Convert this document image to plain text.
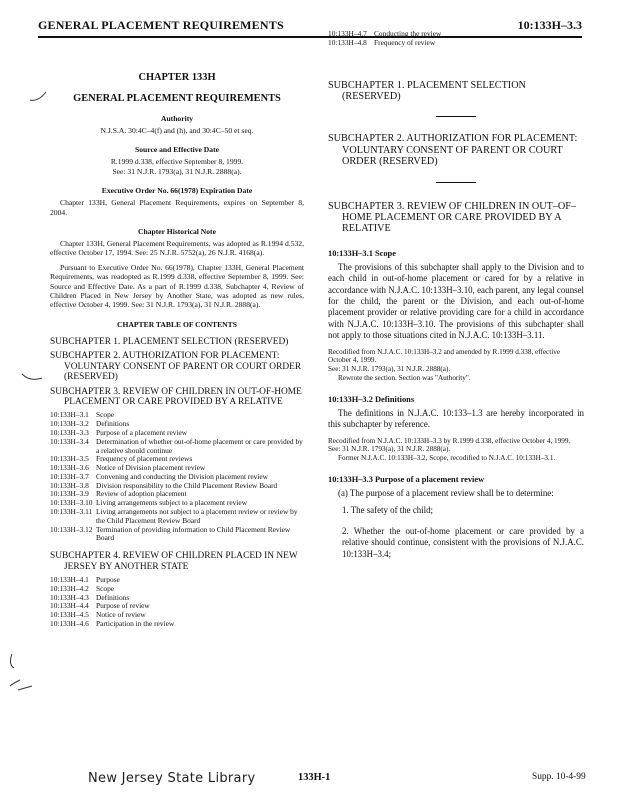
GENERAL PLACEMENT REQUIREMENTS	10:133H–3.3
CHAPTER 133H
GENERAL PLACEMENT REQUIREMENTS
Authority
N.J.S.A. 30:4C–4(f) and (h), and 30:4C–50 et seq.
Source and Effective Date
R.1999 d.338, effective September 8, 1999.
See: 31 N.J.R. 1793(a), 31 N.J.R. 2888(a).
Executive Order No. 66(1978) Expiration Date
Chapter 133H, General Placement Requirements, expires on September 8, 2004.
Chapter Historical Note
Chapter 133H, General Placement Requirements, was adopted as R.1994 d.532, effective October 17, 1994. See: 25 N.J.R. 5752(a), 26 N.J.R. 4168(a).
Pursuant to Executive Order No. 66(1978), Chapter 133H, General Placement Requirements, was readopted as R.1999 d.338, effective September 8, 1999. See: Source and Effective Date. As a part of R.1999 d.338, Subchapter 4, Review of Children Placed in New Jersey by Another State, was adopted as new rules, effective October 4, 1999. See: 31 N.J.R. 1793(a), 31 N.J.R. 2888(a).
CHAPTER TABLE OF CONTENTS
SUBCHAPTER 1. PLACEMENT SELECTION (RESERVED)
SUBCHAPTER 2. AUTHORIZATION FOR PLACEMENT: VOLUNTARY CONSENT OF PARENT OR COURT ORDER (RESERVED)
SUBCHAPTER 3. REVIEW OF CHILDREN IN OUT-OF-HOME PLACEMENT OR CARE PROVIDED BY A RELATIVE
10:133H–3.1 Scope
10:133H–3.2 Definitions
10:133H–3.3 Purpose of a placement review
10:133H–3.4 Determination of whether out-of-home placement or care provided by a relative should continue
10:133H–3.5 Frequency of placement reviews
10:133H–3.6 Notice of Division placement review
10:133H–3.7 Convening and conducting the Division placement review
10:133H–3.8 Division responsibility to the Child Placement Review Board
10:133H–3.9 Review of adoption placement
10:133H–3.10 Living arrangements subject to a placement review
10:133H–3.11 Living arrangements not subject to a placement review or review by the Child Placement Review Board
10:133H–3.12 Termination of providing information to Child Placement Review Board
SUBCHAPTER 4. REVIEW OF CHILDREN PLACED IN NEW JERSEY BY ANOTHER STATE
10:133H–4.1 Purpose
10:133H–4.2 Scope
10:133H–4.3 Definitions
10:133H–4.4 Purpose of review
10:133H–4.5 Notice of review
10:133H–4.6 Participation in the review
10:133H–4.7 Conducting the review
10:133H–4.8 Frequency of review
SUBCHAPTER 1. PLACEMENT SELECTION (RESERVED)
SUBCHAPTER 2. AUTHORIZATION FOR PLACEMENT: VOLUNTARY CONSENT OF PARENT OR COURT ORDER (RESERVED)
SUBCHAPTER 3. REVIEW OF CHILDREN IN OUT–OF–HOME PLACEMENT OR CARE PROVIDED BY A RELATIVE
10:133H–3.1 Scope

The provisions of this subchapter shall apply to the Division and to each child in out-of-home placement or cared for by a relative in accordance with N.J.A.C. 10:133H–3.10, each parent, any legal counsel for the child, the parent or the Division, and each out-of-home placement provider or relative providing care for a child in accordance with N.J.A.C. 10:133H–3.10. The provisions of this subchapter shall not apply to those situations cited in N.J.A.C. 10:133H–3.11.

Recodified from N.J.A.C. 10:133H–3.2 and amended by R.1999 d.338, effective October 4, 1999.
See: 31 N.J.R. 1793(a), 31 N.J.R. 2888(a).
Rewrote the section. Section was "Authority".
10:133H–3.2 Definitions

The definitions in N.J.A.C. 10:133–1.3 are hereby incorporated in this subchapter by reference.

Recodified from N.J.A.C. 10:133H–3.3 by R.1999 d.338, effective October 4, 1999.
See: 31 N.J.R. 1793(a), 31 N.J.R. 2888(a).
Former N.J.A.C. 10:133H–3.2, Scope, recodified to N.J.A.C. 10:133H–3.1.
10:133H–3.3 Purpose of a placement review

(a) The purpose of a placement review shall be to determine:

1. The safety of the child;

2. Whether the out-of-home placement or care provided by a relative should continue, consistent with the provisions of N.J.A.C. 10:133H–3.4;

New Jersey State Library	133H-1	Supp. 10-4-99
